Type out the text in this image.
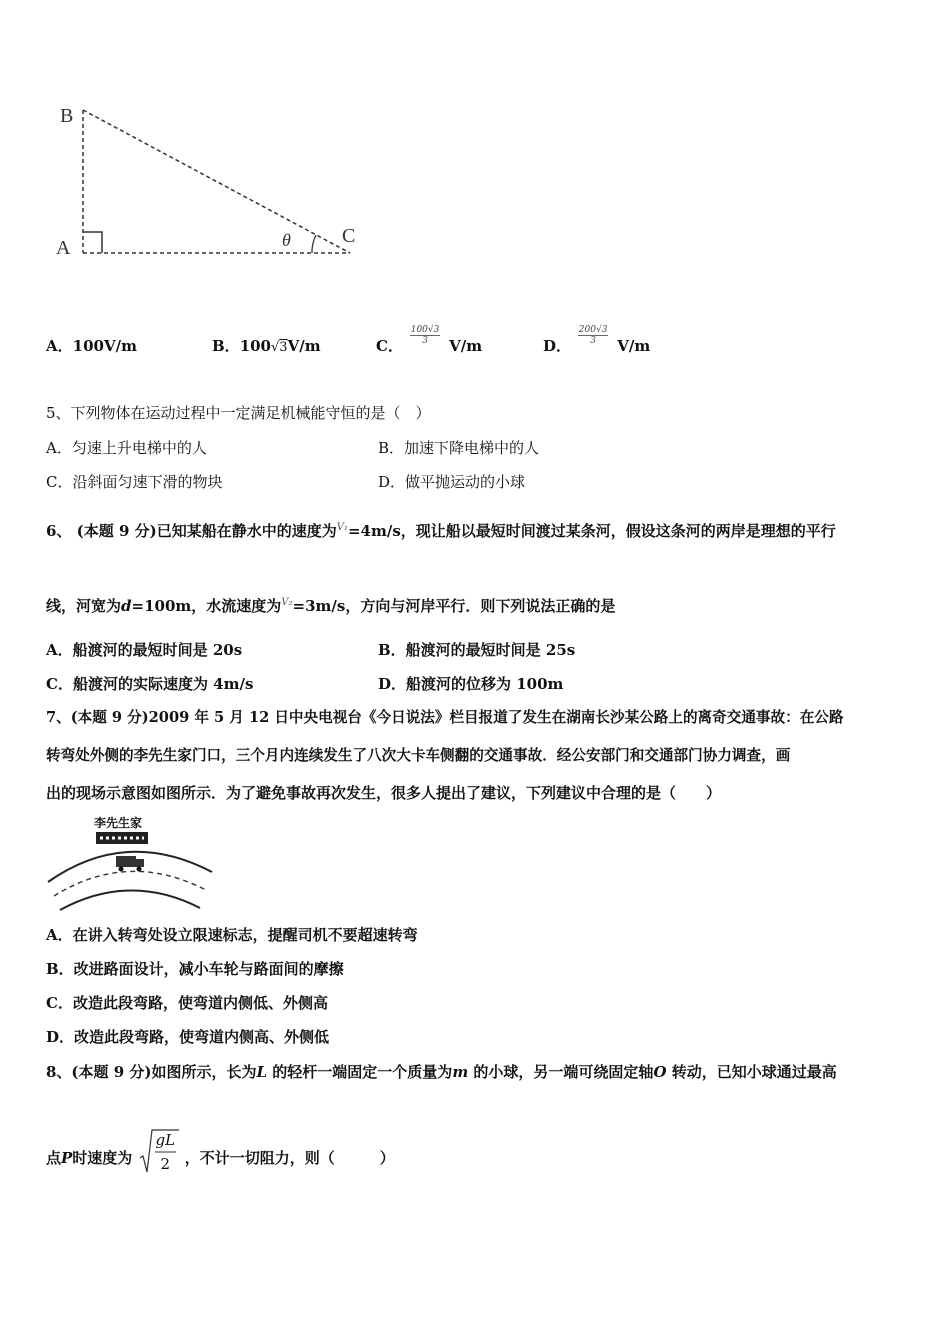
B
A
C
θ
A．100V/m	B．100√3V/m	C．
$\frac{100√3}{3}$
V/m	D．
$\frac{200√3}{3}$
V/m
5、下列物体在运动过程中一定满足机械能守恒的是（　）
A．匀速上升电梯中的人	B．加速下降电梯中的人
C．沿斜面匀速下滑的物块	D．做平抛运动的小球
6、 (本题 9 分)已知某船在静水中的速度为$^{V_1}$=4m/s，现让船以最短时间渡过某条河，假设这条河的两岸是理想的平行
线，河宽为d=100m，水流速度为$^{V_2}$=3m/s，方向与河岸平行．则下列说法正确的是
A．船渡河的最短时间是 20s	B．船渡河的最短时间是 25s
C．船渡河的实际速度为 4m/s	D．船渡河的位移为 100m
7、(本题 9 分)2009 年 5 月 12 日中央电视台《今日说法》栏目报道了发生在湖南长沙某公路上的离奇交通事故：在公路
转弯处外侧的李先生家门口，三个月内连续发生了八次大卡车侧翻的交通事故．经公安部门和交通部门协力调查，画
出的现场示意图如图所示．为了避免事故再次发生，很多人提出了建议，下列建议中合理的是（　　）
李先生家
A．在讲入转弯处设立限速标志，提醒司机不要超速转弯
B．改进路面设计，减小车轮与路面间的摩擦
C．改造此段弯路，使弯道内侧低、外侧高
D．改造此段弯路，使弯道内侧高、外侧低
8、(本题 9 分)如图所示，长为L 的轻杆一端固定一个质量为m 的小球，另一端可绕固定轴O 转动，已知小球通过最高
点P时速度为
gL
2 ，不计一切阻力，则（　　　）
